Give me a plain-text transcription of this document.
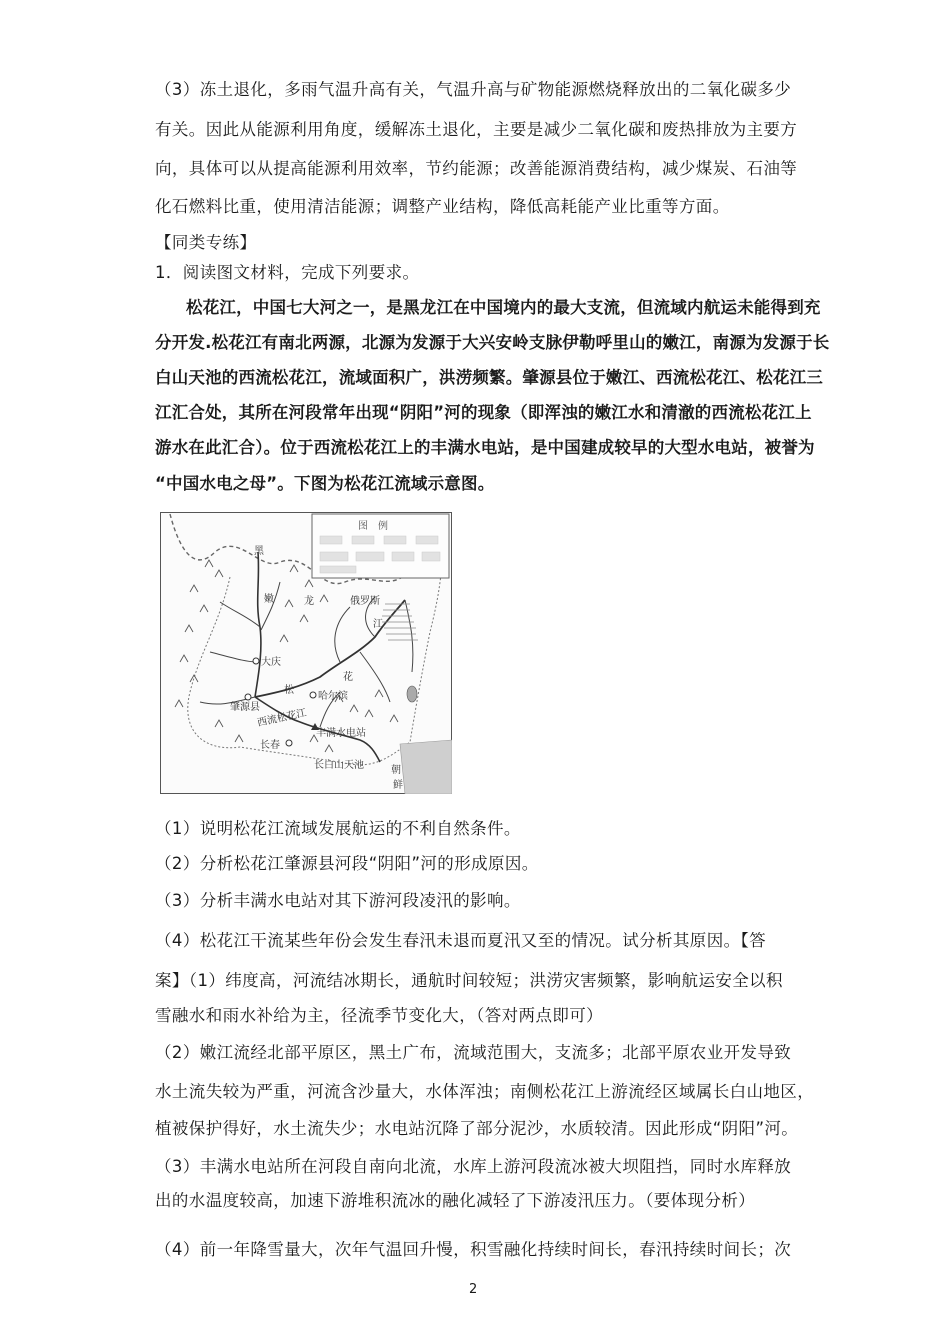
（3）冻土退化，多雨气温升高有关，气温升高与矿物能源燃烧释放出的二氧化碳多少
有关。因此从能源利用角度，缓解冻土退化，主要是减少二氧化碳和废热排放为主要方
向，具体可以从提高能源利用效率，节约能源；改善能源消费结构，减少煤炭、石油等
化石燃料比重，使用清洁能源；调整产业结构，降低高耗能产业比重等方面。
【同类专练】
1．阅读图文材料，完成下列要求。
松花江，中国七大河之一，是黑龙江在中国境内的最大支流，但流域内航运未能得到充
分开发.松花江有南北两源，北源为发源于大兴安岭支脉伊勒呼里山的嫩江，南源为发源于长
白山天池的西流松花江，流域面积广，洪涝频繁。肇源县位于嫩江、西流松花江、松花江三
江汇合处，其所在河段常年出现“阴阳”河的现象（即浑浊的嫩江水和清澈的西流松花江上
游水在此汇合）。位于西流松花江上的丰满水电站，是中国建成较早的大型水电站，被誉为
“中国水电之母”。下图为松花江流域示意图。
图　例
黑
嫩	龙	俄罗斯
江
大庆
肇源县
松
花
哈尔滨
西流松花江
长春
丰满水电站
长白山天池	朝
鲜
（1）说明松花江流域发展航运的不利自然条件。
（2）分析松花江肇源县河段“阴阳”河的形成原因。
（3）分析丰满水电站对其下游河段凌汛的影响。
（4）松花江干流某些年份会发生春汛未退而夏汛又至的情况。试分析其原因。【答
案】（1）纬度高，河流结冰期长，通航时间较短；洪涝灾害频繁，影响航运安全以积
雪融水和雨水补给为主，径流季节变化大，（答对两点即可）
（2）嫩江流经北部平原区，黑土广布，流域范围大，支流多；北部平原农业开发导致
水土流失较为严重，河流含沙量大，水体浑浊；南侧松花江上游流经区域属长白山地区，
植被保护得好，水土流失少；水电站沉降了部分泥沙，水质较清。因此形成“阴阳”河。
（3）丰满水电站所在河段自南向北流，水库上游河段流冰被大坝阻挡，同时水库释放
出的水温度较高，加速下游堆积流冰的融化减轻了下游凌汛压力。（要体现分析）
（4）前一年降雪量大，次年气温回升慢，积雪融化持续时间长，春汛持续时间长；次
2
